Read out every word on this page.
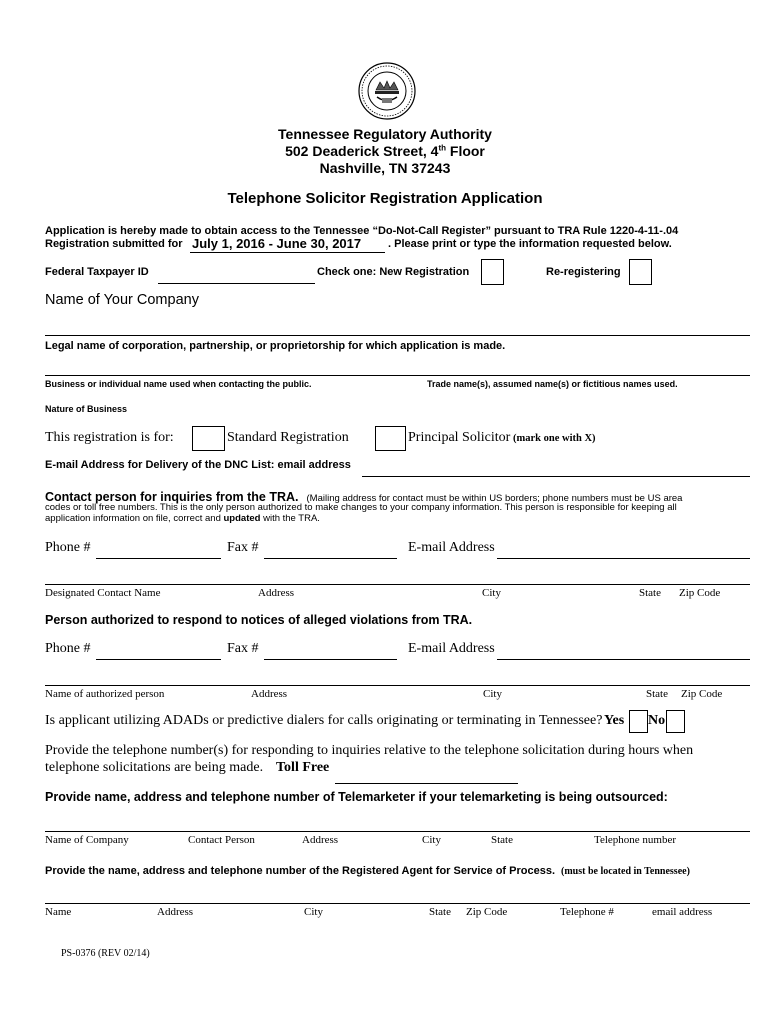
Tennessee Regulatory Authority
502 Deaderick Street, 4th Floor
Nashville, TN 37243
Telephone Solicitor Registration Application
Application is hereby made to obtain access to the Tennessee “Do-Not-Call Register” pursuant to TRA Rule 1220-4-11-.04
Registration submitted for July 1, 2016 - June 30, 2017 . Please print or type the information requested below.
Federal Taxpayer ID	Check one: New Registration	Re-registering
Name of Your Company
Legal name of corporation, partnership, or proprietorship for which application is made.
Business or individual name used when contacting the public.	Trade name(s), assumed name(s) or fictitious names used.
Nature of Business
This registration is for:	Standard Registration	Principal Solicitor (mark one with X)
E-mail Address for Delivery of the DNC List: email address
Contact person for inquiries from the TRA. (Mailing address for contact must be within US borders; phone numbers must be US area
codes or toll free numbers. This is the only person authorized to make changes to your company information. This person is responsible for keeping all
application information on file, correct and updated with the TRA.
Phone #	Fax #	E-mail Address
Designated Contact Name	Address	City	State Zip Code
Person authorized to respond to notices of alleged violations from TRA.
Phone #	Fax #	E-mail Address
Name of authorized person	Address	City	State Zip Code
Is applicant utilizing ADADs or predictive dialers for calls originating or terminating in Tennessee? Yes No
Provide the telephone number(s) for responding to inquiries relative to the telephone solicitation during hours when
telephone solicitations are being made. Toll Free
Provide name, address and telephone number of Telemarketer if your telemarketing is being outsourced:
Name of Company	Contact Person	Address	City	State	Telephone number
Provide the name, address and telephone number of the Registered Agent for Service of Process. (must be located in Tennessee)
Name	Address	City	State Zip Code	Telephone #	email address
PS-0376 (REV 02/14)
